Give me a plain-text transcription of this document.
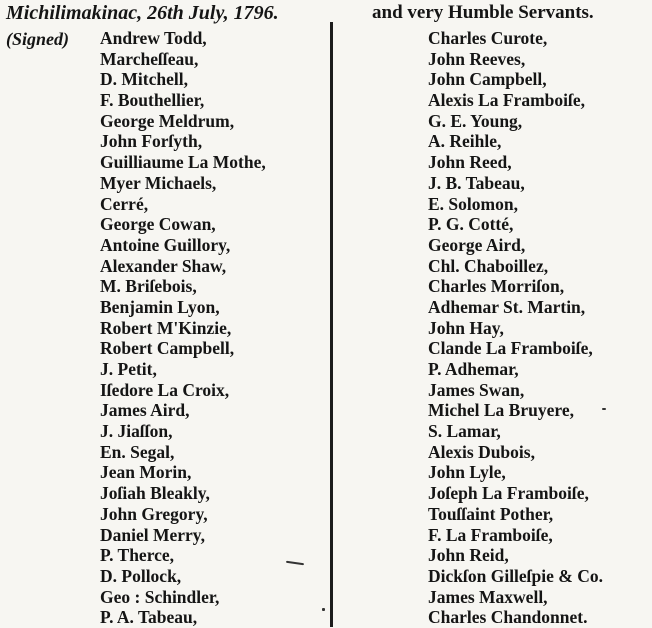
Michilimakinac, 26th July, 1796.
(Signed) Andrew Todd,
Marcheſſeau,
D. Mitchell,
F. Bouthellier,
George Meldrum,
John Forſyth,
Guilliaume La Mothe,
Myer Michaels,
Cerré,
George Cowan,
Antoine Guillory,
Alexander Shaw,
M. Briſebois,
Benjamin Lyon,
Robert M'Kinzie,
Robert Campbell,
J. Petit,
Iſedore La Croix,
James Aird,
J. Jiaſſon,
En. Segal,
Jean Morin,
Joſiah Bleakly,
John Gregory,
Daniel Merry,
P. Therce,
D. Pollock,
Geo : Schindler,
P. A. Tabeau,
and very Humble Servants.
Charles Curote,
John Reeves,
John Campbell,
Alexis La Framboiſe,
G. E. Young,
A. Reihle,
John Reed,
J. B. Tabeau,
E. Solomon,
P. G. Cotté,
George Aird,
Chl. Chaboillez,
Charles Morriſon,
Adhemar St. Martin,
John Hay,
Clande La Framboiſe,
P. Adhemar,
James Swan,
Michel La Bruyere,
S. Lamar,
Alexis Dubois,
John Lyle,
Joſeph La Framboiſe,
Touſſaint Pother,
F. La Framboiſe,
John Reid,
Dickſon Gilleſpie & Co.
James Maxwell,
Charles Chandonnet.
